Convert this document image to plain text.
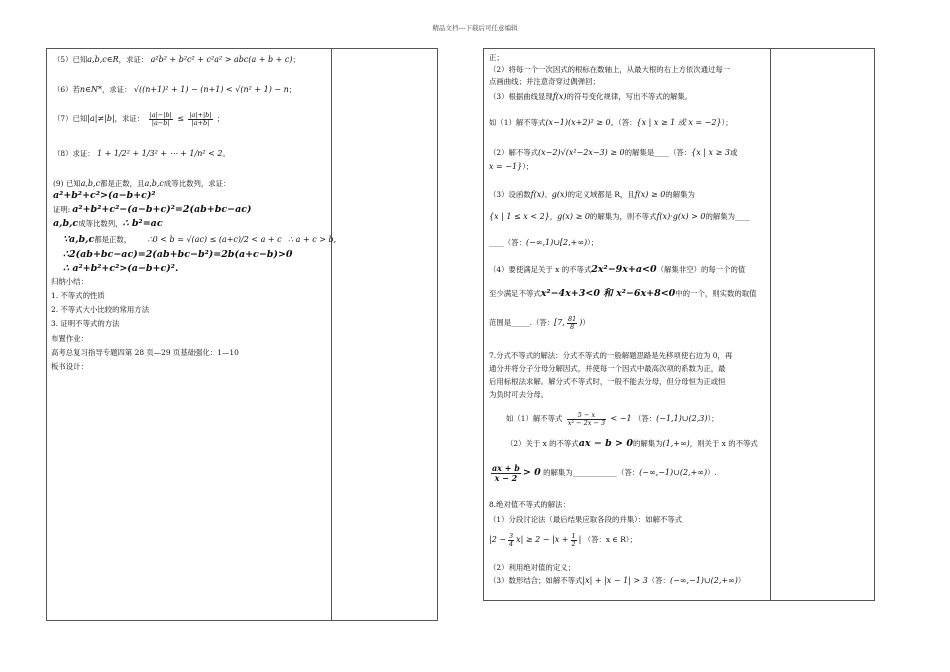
精品文档---下载后可任意编辑
（5）已知a,b,c∈R，求证： a²b² + b²c² + c²a² > abc(a + b + c)；
（6）若n∈N*，求证： √((n+1)² + 1) − (n+1) < √(n² + 1) − n；
（7）已知|a|≠|b|，求证： $\frac{|a|-|b|}{|a-b|} \le \frac{|a|+|b|}{|a+b|}$ ；
（8）求证： 1 + 1/2² + 1/3² + ⋯ + 1/n² < 2。
(9) 已知a,b,c都是正数，且a,b,c成等比数列，求证：
a²+b²+c²>(a−b+c)²
证明: a²+b²+c²−(a−b+c)²=2(ab+bc−ac)
a,b,c成等比数列，∴ b²=ac
∵a,b,c都是正数， ∴0 < b = √(ac) ≤ (a+c)/2 < a + c ∴ a + c > b,
∴2(ab+bc−ac)=2(ab+bc−b²)=2b(a+c−b)>0
∴ a²+b²+c²>(a−b+c)².
归纳小结：
1. 不等式的性质
2. 不等式大小比较的常用方法
3. 证明不等式的方法
布置作业：
高考总复习指导专题四第 28 页—29 页基础强化：1—10
板书设计：
正；
（2）将每一个一次因式的根标在数轴上，从最大根的右上方依次通过每一
点画曲线；并注意奇穿过偶弹回；
（3）根据曲线显现f(x)的符号变化规律，写出不等式的解集。
如（1）解不等式(x−1)(x+2)² ≥ 0。（答：{x | x ≥ 1 或 x = −2}）；
（2）解不等式(x−2)√(x²−2x−3) ≥ 0的解集是____（答：{x | x ≥ 3或
x = −1}）；
（3）设函数f(x)、g(x)的定义域都是 R，且f(x) ≥ 0的解集为
{x | 1 ≤ x < 2}，g(x) ≥ 0的解集为，则不等式f(x)·g(x) > 0的解集为____
____（答：(−∞,1)∪[2,+∞)）；
（4）要使满足关于 x 的不等式2x²−9x+a<0（解集非空）的每一个的值
至少满足不等式x²−4x+3<0 和 x²−6x+8<0中的一个，则实数的取值
范围是_____.（答：[7, $\frac{81}{8}$ )）
7.分式不等式的解法：分式不等式的一般解题思路是先移项使右边为 0，再
通分并将分子分母分解因式，并使每一个因式中最高次项的系数为正，最
后用标根法求解。解分式不等式时，一般不能去分母，但分母恒为正或恒
为负时可去分母。
如（1）解不等式 $\frac{5 - x}{\text{x² − 2x − 3}} < -1$ （答：(−1,1)∪(2,3)）；
（2）关于 x 的不等式ax − b > 0的解集为(1,+∞)，则关于 x 的不等式
$\frac{ax + b}{x - 2} > 0$ 的解集为____________（答：(−∞,−1)∪(2,+∞)）.
8.绝对值不等式的解法：
（1）分段讨论法（最后结果应取各段的并集）：如解不等式
$|2 - \frac{3}{4} x| \ge 2 - |x + \frac{1}{2}$ | （答：x ∈ R）；
（2）利用绝对值的定义；
（3）数形结合；如解不等式|x| + |x − 1| > 3（答：(−∞,−1)∪(2,+∞)）
